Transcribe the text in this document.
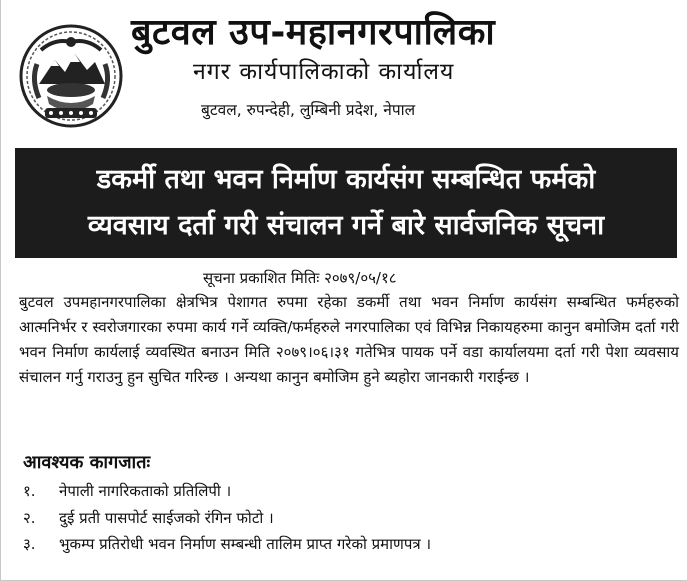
बुटवल उप-महानगरपालिका
नगर कार्यपालिकाको कार्यालय
बुटवल, रुपन्देही, लुम्बिनी प्रदेश, नेपाल
डकर्मी तथा भवन निर्माण कार्यसंग सम्बन्धित फर्मको
व्यवसाय दर्ता गरी संचालन गर्ने बारे सार्वजनिक सूचना
सूचना प्रकाशित मितिः २०७९/०५/१८

बुटवल उपमहानगरपालिका क्षेत्रभित्र पेशागत रुपमा रहेका डकर्मी तथा भवन निर्माण कार्यसंग सम्बन्धित फर्महरुको आत्मनिर्भर र स्वरोजगारका रुपमा कार्य गर्ने व्यक्ति/फर्महरुले नगरपालिका एवं विभिन्न निकायहरुमा कानुन बमोजिम दर्ता गरी भवन निर्माण कार्यलाई व्यवस्थित बनाउन मिति २०७९।०६।३१ गतेभित्र पायक पर्ने वडा कार्यालयमा दर्ता गरी पेशा व्यवसाय संचालन गर्नु गराउनु हुन सुचित गरिन्छ । अन्यथा कानुन बमोजिम हुने ब्यहोरा जानकारी गराईन्छ ।

आवश्यक कागजातः
१.	नेपाली नागरिकताको प्रतिलिपी ।
२.	दुई प्रती पासपोर्ट साईजको रंगिन फोटो ।
३.	भुकम्प प्रतिरोधी भवन निर्माण सम्बन्धी तालिम प्राप्त गरेको प्रमाणपत्र ।
